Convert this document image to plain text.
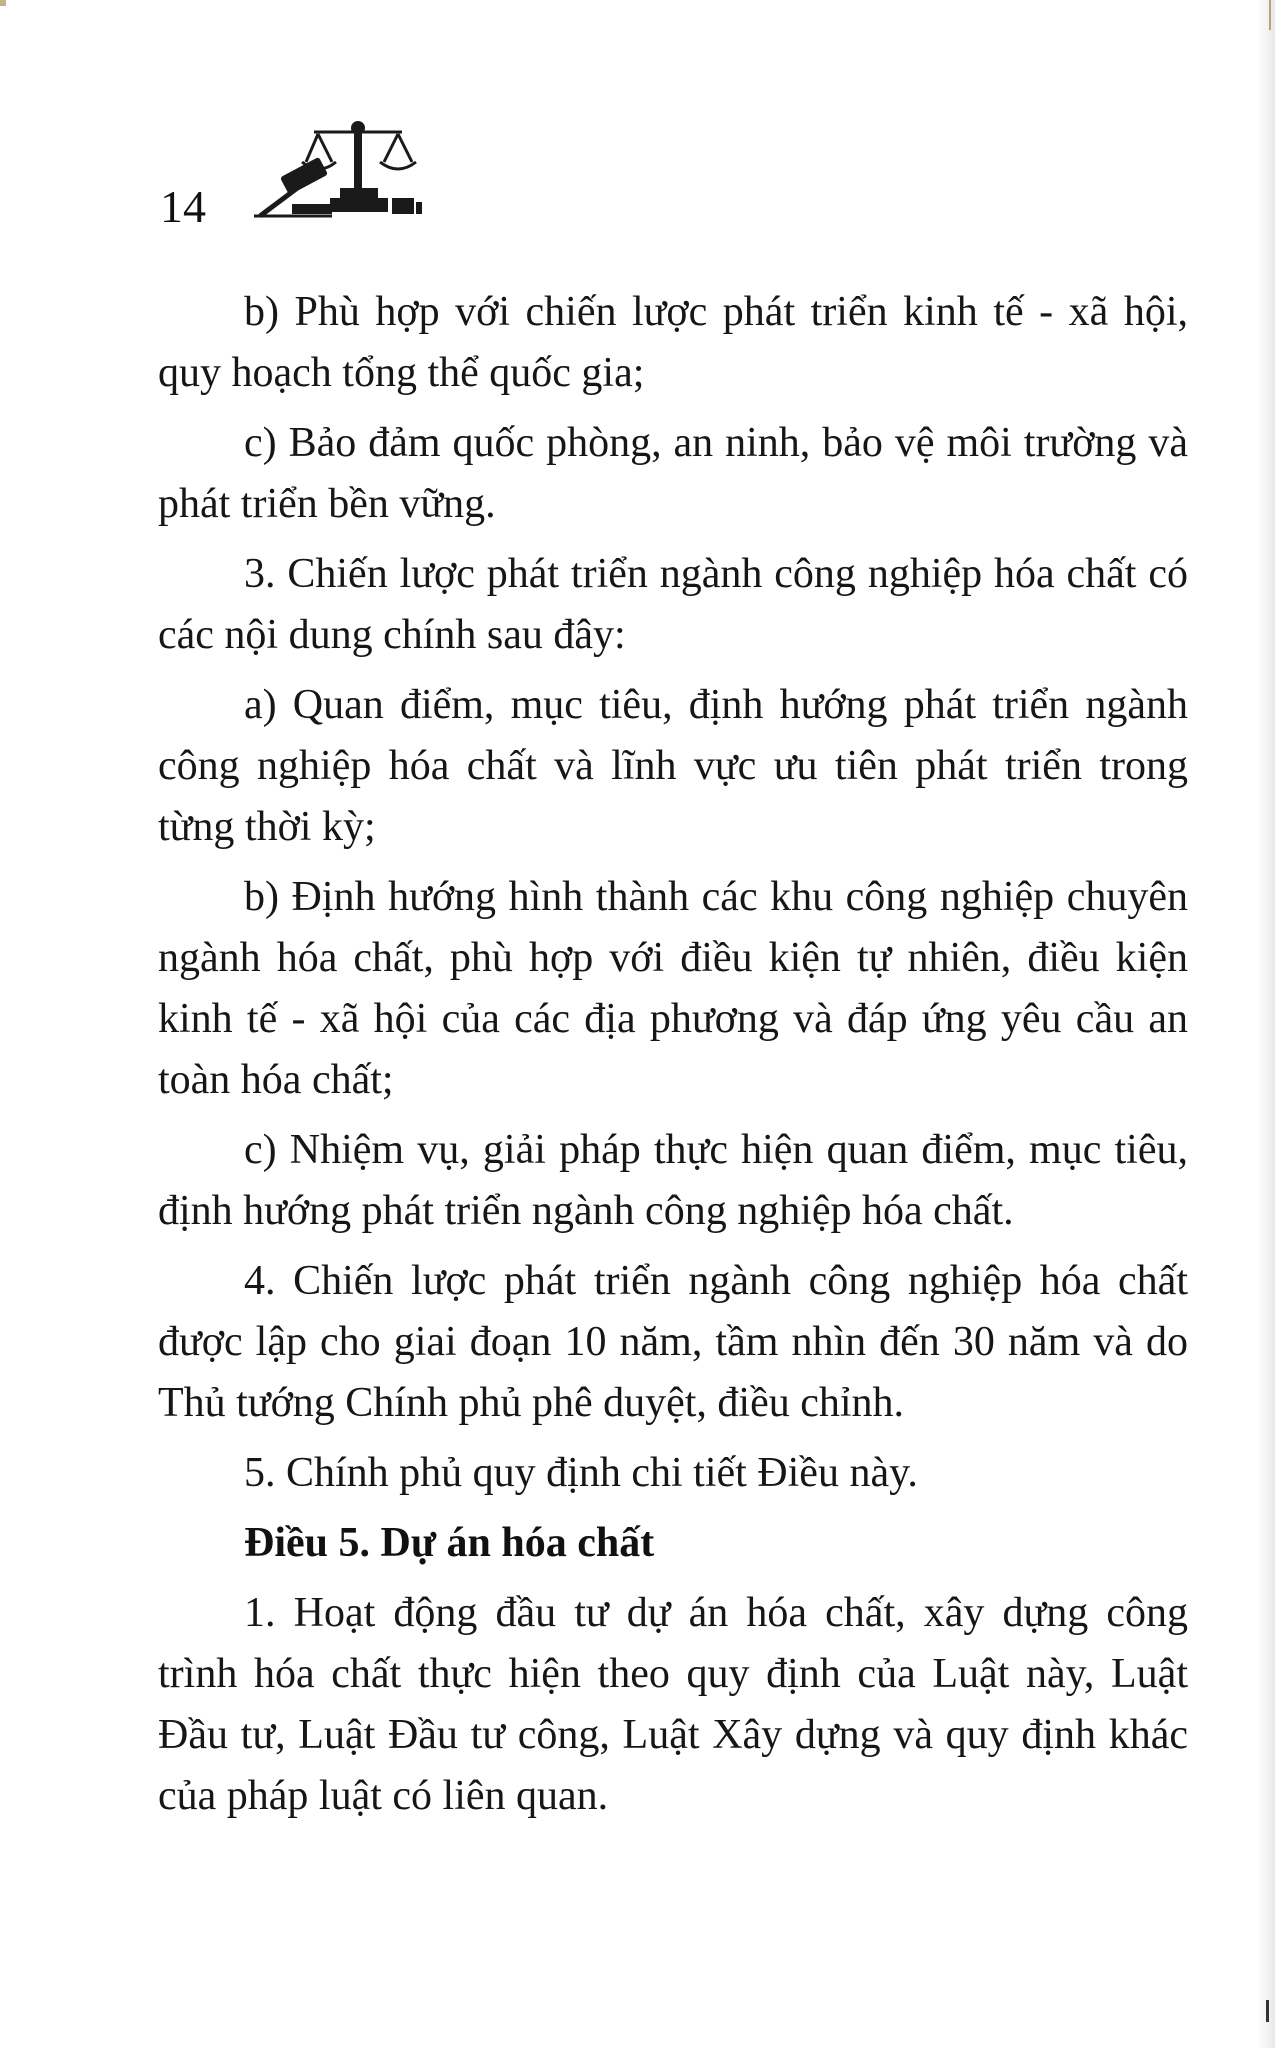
14

b) Phù hợp với chiến lược phát triển kinh tế - xã hội, quy hoạch tổng thể quốc gia;

c) Bảo đảm quốc phòng, an ninh, bảo vệ môi trường và phát triển bền vững.

3. Chiến lược phát triển ngành công nghiệp hóa chất có các nội dung chính sau đây:

a) Quan điểm, mục tiêu, định hướng phát triển ngành công nghiệp hóa chất và lĩnh vực ưu tiên phát triển trong từng thời kỳ;

b) Định hướng hình thành các khu công nghiệp chuyên ngành hóa chất, phù hợp với điều kiện tự nhiên, điều kiện kinh tế - xã hội của các địa phương và đáp ứng yêu cầu an toàn hóa chất;

c) Nhiệm vụ, giải pháp thực hiện quan điểm, mục tiêu, định hướng phát triển ngành công nghiệp hóa chất.

4. Chiến lược phát triển ngành công nghiệp hóa chất được lập cho giai đoạn 10 năm, tầm nhìn đến 30 năm và do Thủ tướng Chính phủ phê duyệt, điều chỉnh.

5. Chính phủ quy định chi tiết Điều này.

Điều 5. Dự án hóa chất

1. Hoạt động đầu tư dự án hóa chất, xây dựng công trình hóa chất thực hiện theo quy định của Luật này, Luật Đầu tư, Luật Đầu tư công, Luật Xây dựng và quy định khác của pháp luật có liên quan.
